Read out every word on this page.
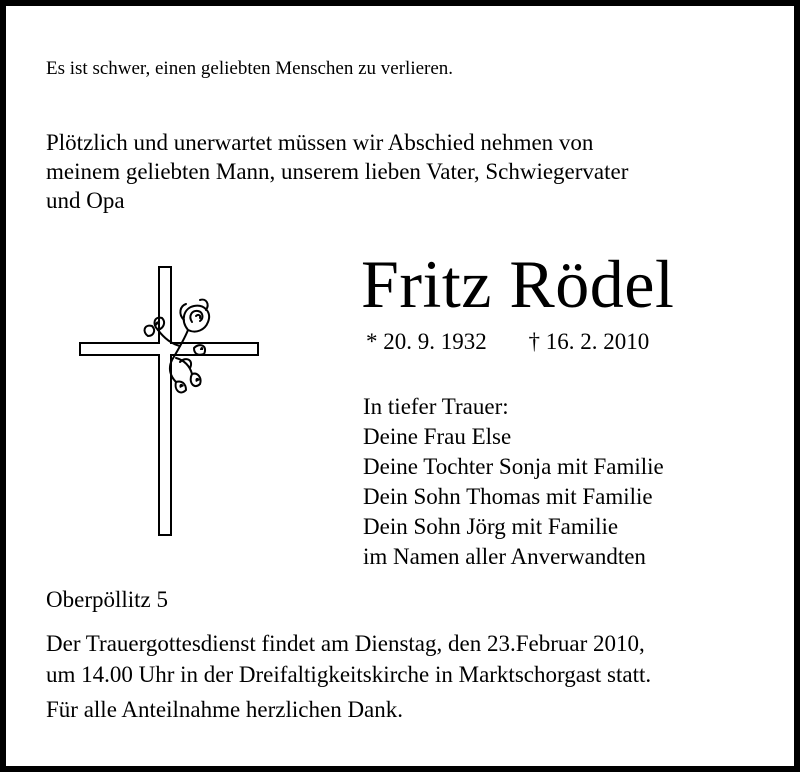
Es ist schwer, einen geliebten Menschen zu verlieren.

Plötzlich und unerwartet müssen wir Abschied nehmen von
meinem geliebten Mann, unserem lieben Vater, Schwiegervater
und Opa
Fritz Rödel
* 20. 9. 1932 † 16. 2. 2010
In tiefer Trauer:
Deine Frau Else
Deine Tochter Sonja mit Familie
Dein Sohn Thomas mit Familie
Dein Sohn Jörg mit Familie
im Namen aller Anverwandten

Oberpöllitz 5

Der Trauergottesdienst findet am Dienstag, den 23.Februar 2010,
um 14.00 Uhr in der Dreifaltigkeitskirche in Marktschorgast statt.

Für alle Anteilnahme herzlichen Dank.
